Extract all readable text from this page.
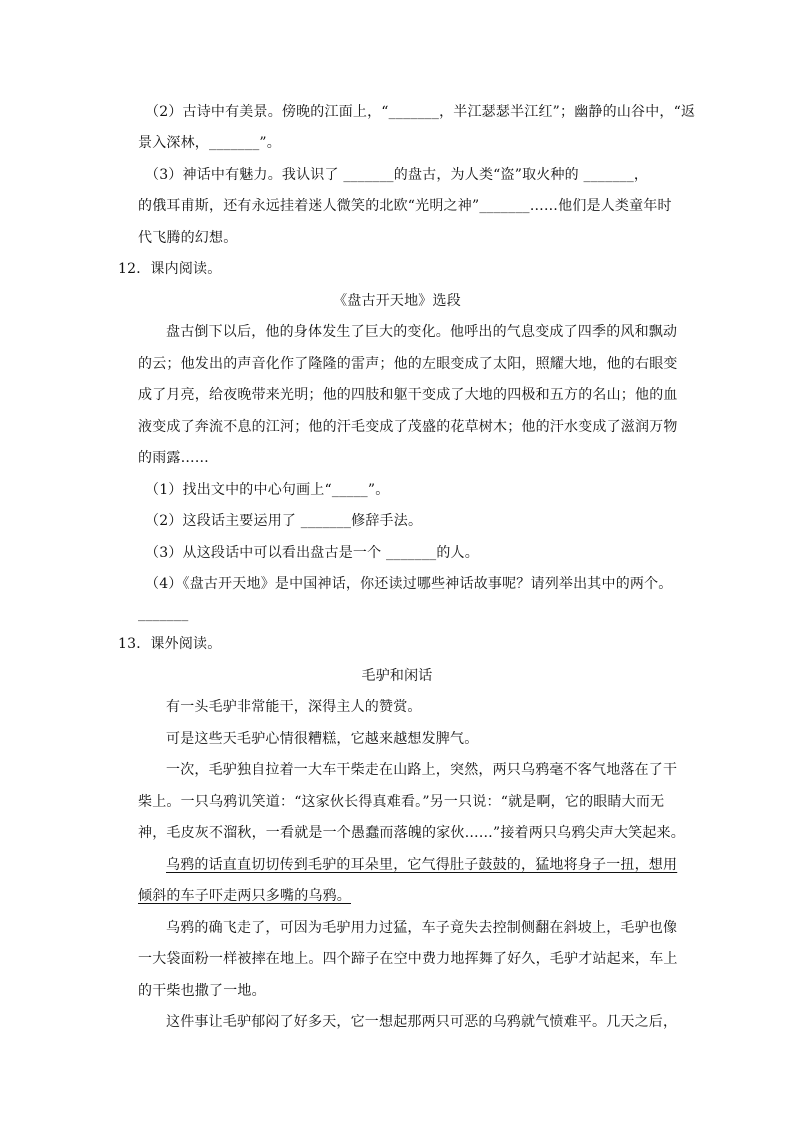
（2）古诗中有美景。傍晚的江面上，“_______，半江瑟瑟半江红”；幽静的山谷中，“返
景入深林，_______”。
（3）神话中有魅力。我认识了 _______的盘古，为人类“盗”取火种的 _______，
的俄耳甫斯，还有永远挂着迷人微笑的北欧“光明之神”_______……他们是人类童年时
代飞腾的幻想。
12．课内阅读。
《盘古开天地》选段
盘古倒下以后，他的身体发生了巨大的变化。他呼出的气息变成了四季的风和飘动
的云；他发出的声音化作了隆隆的雷声；他的左眼变成了太阳，照耀大地，他的右眼变
成了月亮，给夜晚带来光明；他的四肢和躯干变成了大地的四极和五方的名山；他的血
液变成了奔流不息的江河；他的汗毛变成了茂盛的花草树木；他的汗水变成了滋润万物
的雨露……
（1）找出文中的中心句画上“_____”。
（2）这段话主要运用了 _______修辞手法。
（3）从这段话中可以看出盘古是一个 _______的人。
（4）《盘古开天地》是中国神话，你还读过哪些神话故事呢？请列举出其中的两个。
_______
13．课外阅读。
毛驴和闲话
有一头毛驴非常能干，深得主人的赞赏。
可是这些天毛驴心情很糟糕，它越来越想发脾气。
一次，毛驴独自拉着一大车干柴走在山路上，突然，两只乌鸦毫不客气地落在了干
柴上。一只乌鸦讥笑道：“这家伙长得真难看。”另一只说：“就是啊，它的眼睛大而无
神，毛皮灰不溜秋，一看就是一个愚蠢而落魄的家伙……”接着两只乌鸦尖声大笑起来。
乌鸦的话直直切切传到毛驴的耳朵里，它气得肚子鼓鼓的，猛地将身子一扭，想用
倾斜的车子吓走两只多嘴的乌鸦。
乌鸦的确飞走了，可因为毛驴用力过猛，车子竟失去控制侧翻在斜坡上，毛驴也像
一大袋面粉一样被摔在地上。四个蹄子在空中费力地挥舞了好久，毛驴才站起来，车上
的干柴也撒了一地。
这件事让毛驴郁闷了好多天，它一想起那两只可恶的乌鸦就气愤难平。几天之后，
